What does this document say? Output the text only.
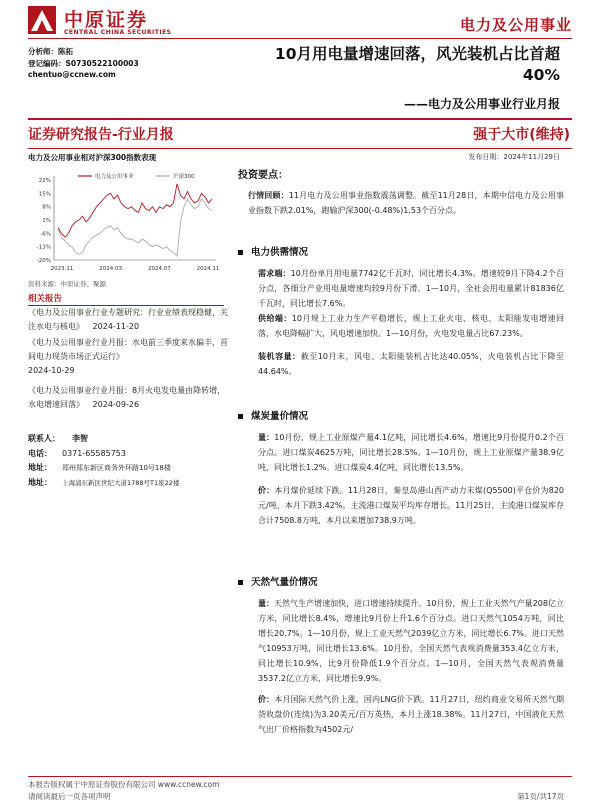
中原证券
CENTRAL CHINA SECURITIES	电力及公用事业
分析师：陈拓
登记编码：S0730522100003
chentuo@ccnew.com
10月用电量增速回落，风光装机占比首超40%
——电力及公用事业行业月报
证券研究报告-行业月报	强于大市(维持)
电力及公用事业相对沪深300指数表现
22%
15%
8%
1%
-6%
-13%
-20%
2023.11	2024.03	2024.07	2024.11
电力及公用事业	沪深300
资料来源：中原证券、聚源
发布日期：2024年11月29日
相关报告
《电力及公用事业行业专题研究：行业业绩表现稳健，关注水电与核电》 2024-11-20
《电力及公用事业行业月报：水电前三季度来水偏丰，首间电力现货市场正式运行》
2024-10-29
《电力及公用事业行业月报：8月火电发电量由降转增，水电增速回落》 2024-09-26
联系人：	李智
电话：	0371-65585753
地址：	郑州郑东新区商务外环路10号18楼
地址：	上海浦东新区世纪大道1788号T1座22楼
投资要点：
行情回顾：11月电力及公用事业指数震荡调整。截至11月28日，本期中信电力及公用事业指数下跌2.01%，跑输沪深300(-0.48%)1.53个百分点。
电力供需情况
需求端：10月份单月用电量7742亿千瓦时，同比增长4.3%。增速较9月下降4.2个百分点，各细分产业用电量增速均较9月份下滑。1—10月，全社会用电量累计81836亿千瓦时，同比增长7.6%。
供给端：10月规上工业力生产平稳增长，规上工业火电、核电、太阳能发电增速回落，水电降幅扩大，风电增速加快。1—10月份，火电发电量占比67.23%。
装机容量：截至10月末，风电、太阳能装机占比达40.05%，火电装机占比下降至44.64%。
煤炭量价情况
量：10月份，规上工业原煤产量4.1亿吨，同比增长4.6%，增速比9月份提升0.2个百分点。进口煤炭4625万吨，同比增长28.5%。1—10月份，规上工业原煤产量38.9亿吨，同比增长1.2%。进口煤炭4.4亿吨，同比增长13.5%。
价：本月煤价延续下跌。11月28日，秦皇岛港山西产动力末煤(Q5500)平仓价为820元/吨，本月下跌3.42%。主流港口煤炭平均库存增长。11月25日，主流港口煤炭库存合计7508.8万吨，本月以来增加738.9万吨。
天然气量价情况
量：天然气生产增速加快，进口增速持续提升。10月份，规上工业天然气产量208亿立方米，同比增长8.4%，增速比9月份上升1.6个百分点。进口天然气1054万吨，同比增长20.7%。1—10月份，规上工业天然气2039亿立方米，同比增长6.7%。进口天然气10953万吨，同比增长13.6%。10月份，全国天然气表观消费量353.4亿立方米，同比增长10.9%，比9月份降低1.9个百分点。1—10月，全国天然气表观消费量3537.2亿立方米，同比增长9.9%。
价：本月国际天然气价上涨，国内LNG价下跌。11月27日，纽约商业交易所天然气期货收盘价(连续)为3.20美元/百万英热，本月上涨18.38%。11月27日，中国液化天然气出厂价格指数为4502元/
本报告版权属于中原证券股份有限公司 www.ccnew.com
请阅读最后一页各项声明	第1页/共17页
